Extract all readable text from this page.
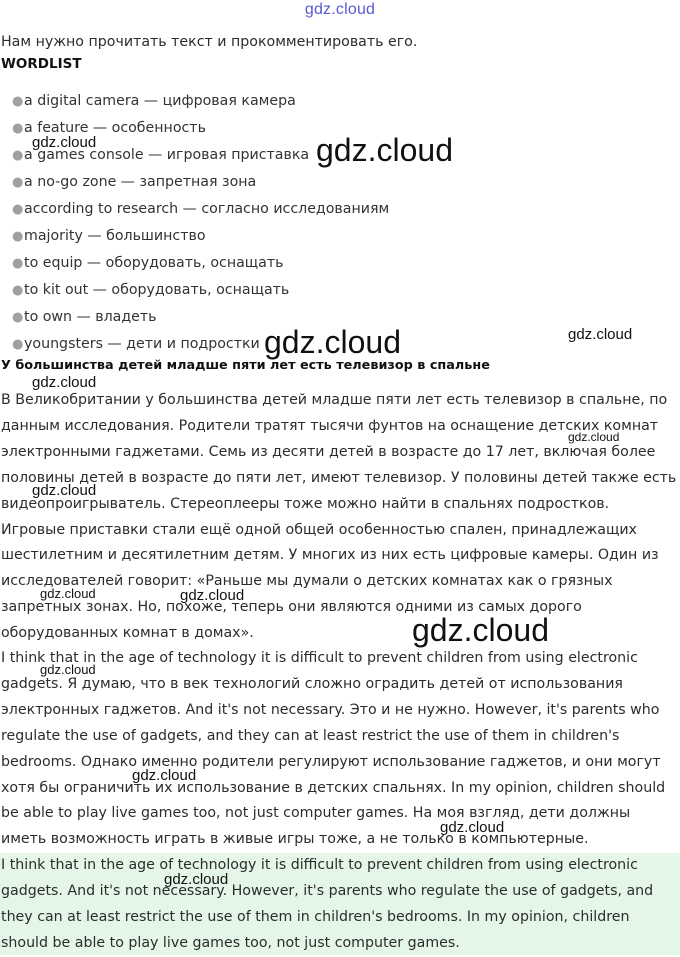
gdz.cloud
Нам нужно прочитать текст и прокомментировать его.
WORDLIST
●a digital camera — цифровая камера
●a feature — особенность
●a games console — игровая приставка
●a no-go zone — запретная зона
●according to research — согласно исследованиям
●majority — большинство
●to equip — оборудовать, оснащать
●to kit out — оборудовать, оснащать
●to own — владеть
●youngsters — дети и подростки
У большинства детей младше пяти лет есть телевизор в спальне

В Великобритании у большинства детей младше пяти лет есть телевизор в спальне, по данным исследования. Родители тратят тысячи фунтов на оснащение детских комнат электронными гаджетами. Семь из десяти детей в возрасте до 17 лет, включая более половины детей в возрасте до пяти лет, имеют телевизор. У половины детей также есть видеопроигрыватель. Стереоплееры тоже можно найти в спальнях подростков. Игровые приставки стали ещё одной общей особенностью спален, принадлежащих шестилетним и десятилетним детям. У многих из них есть цифровые камеры. Один из исследователей говорит: «Раньше мы думали о детских комнатах как о грязных запретных зонах. Но, похоже, теперь они являются одними из самых дорого оборудованных комнат в домах».

I think that in the age of technology it is difficult to prevent children from using electronic gadgets. Я думаю, что в век технологий сложно оградить детей от использования электронных гаджетов. And it's not necessary. Это и не нужно. However, it's parents who regulate the use of gadgets, and they can at least restrict the use of them in children's bedrooms. Однако именно родители регулируют использование гаджетов, и они могут хотя бы ограничить их использование в детских спальнях. In my opinion, children should be able to play live games too, not just computer games. На моя взгляд, дети должны иметь возможность играть в живые игры тоже, а не только в компьютерные.

I think that in the age of technology it is difficult to prevent children from using electronic gadgets. And it's not necessary. However, it's parents who regulate the use of gadgets, and they can at least restrict the use of them in children's bedrooms. In my opinion, children should be able to play live games too, not just computer games.

gdz.cloud	gdz.cloud
gdz.cloud	gdz.cloud
gdz.cloud
gdz.cloud
gdz.cloud
gdz.cloud	gdz.cloud
gdz.cloud
gdz.cloud
gdz.cloud
gdz.cloud
gdz.cloud
